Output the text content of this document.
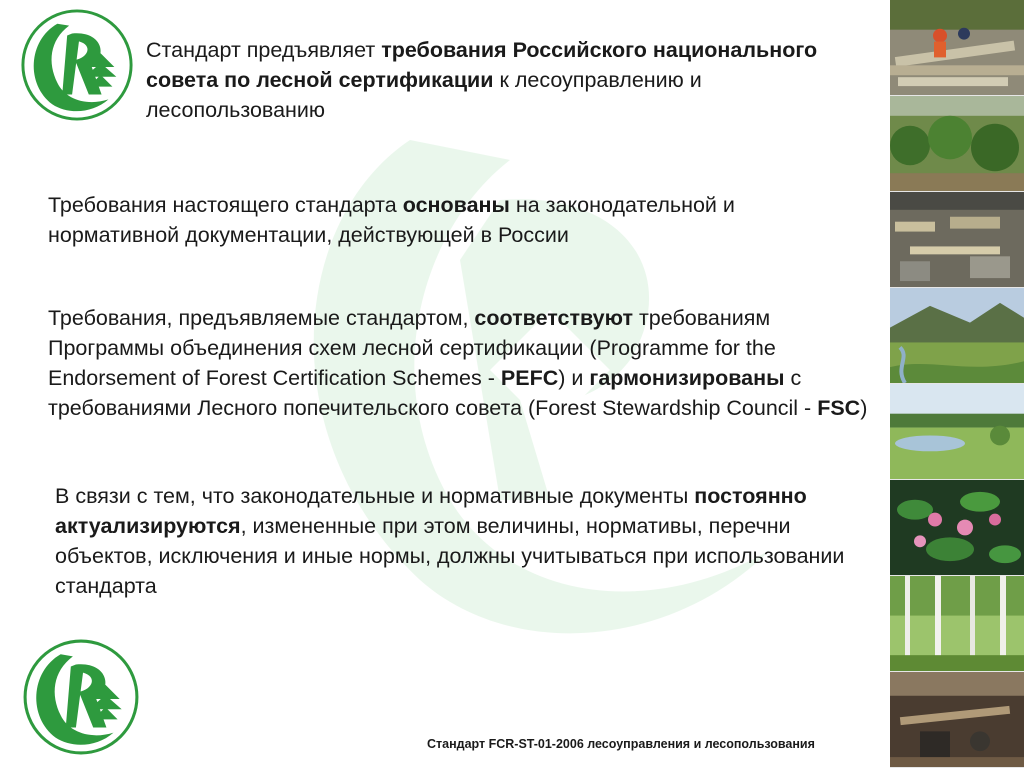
Стандарт предъявляет требования Российского национального совета по лесной сертификации к лесоуправлению и лесопользованию

Требования настоящего стандарта основаны на законодательной и нормативной документации, действующей в России

Требования, предъявляемые стандартом, соответствуют требованиям Программы объединения схем лесной сертификации (Programme for the Endorsement of Forest Certification Schemes - PEFC) и гармонизированы с требованиями Лесного попечительского совета (Forest Stewardship Council - FSC)

В связи с тем, что законодательные и нормативные документы постоянно актуализируются, измененные при этом величины, нормативы, перечни объектов, исключения и иные нормы, должны учитываться при использовании стандарта

Стандарт FCR-ST-01-2006 лесоуправления и лесопользования
